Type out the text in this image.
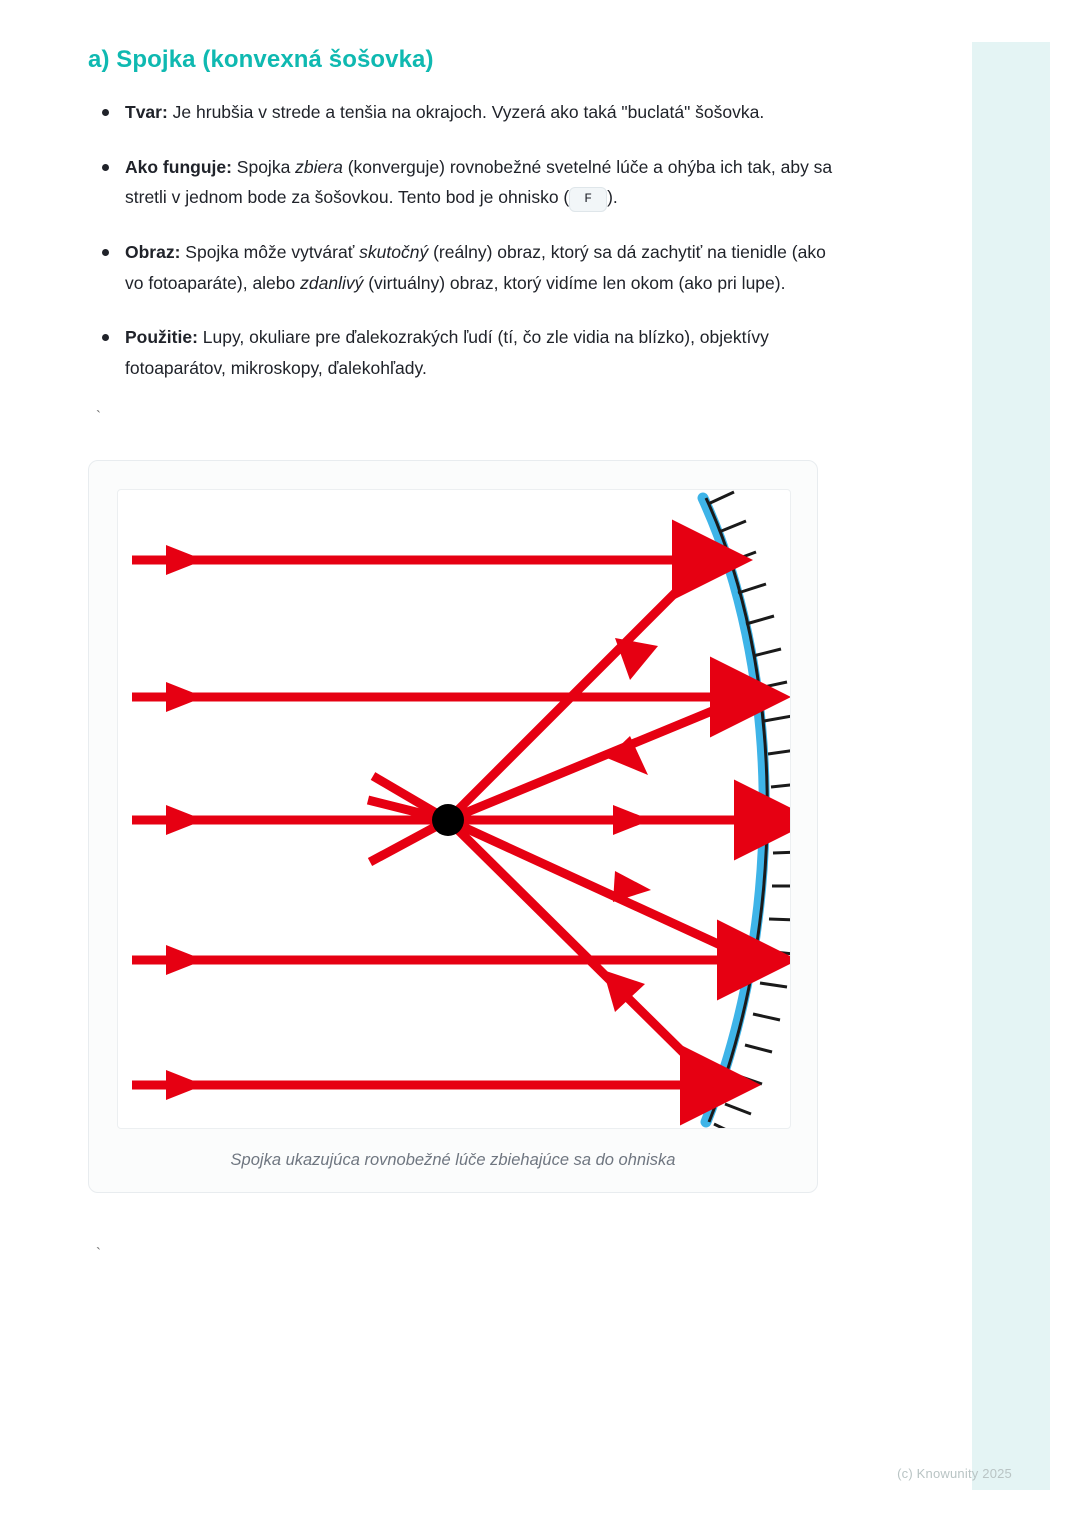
a) Spojka (konvexná šošovka)
Tvar: Je hrubšia v strede a tenšia na okrajoch. Vyzerá ako taká "buclatá" šošovka.
Ako funguje: Spojka zbiera (konverguje) rovnobežné svetelné lúče a ohýba ich tak, aby sa stretli v jednom bode za šošovkou. Tento bod je ohnisko ( F ).
Obraz: Spojka môže vytvárať skutočný (reálny) obraz, ktorý sa dá zachytiť na tienidle (ako vo fotoaparáte), alebo zdanlivý (virtuálny) obraz, ktorý vidíme len okom (ako pri lupe).
Použitie: Lupy, okuliare pre ďalekozrakých ľudí (tí, čo zle vidia na blízko), objektívy fotoaparátov, mikroskopy, ďalekohľady.
`
Spojka ukazujúca rovnobežné lúče zbiehajúce sa do ohniska
`
(c) Knowunity 2025
